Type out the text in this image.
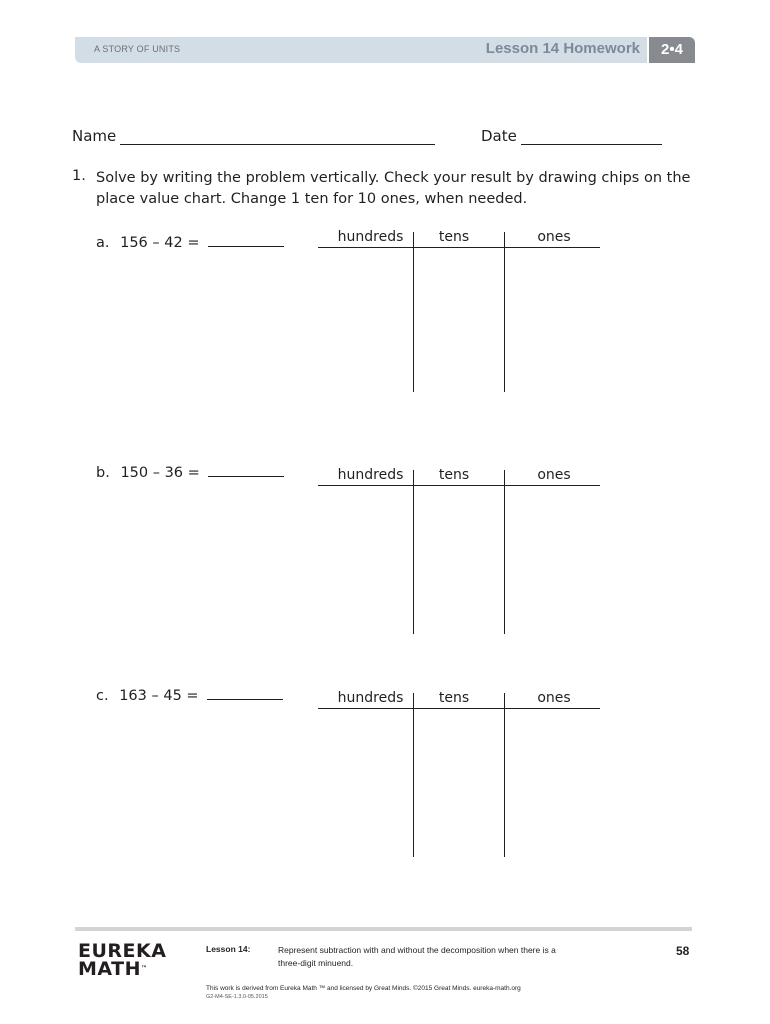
A STORY OF UNITS	Lesson 14 Homework	2•4
Name	Date
1. Solve by writing the problem vertically. Check your result by drawing chips on the place value chart. Change 1 ten for 10 ones, when needed.
a. 156 – 42 =	hundreds	tens	ones
b. 150 – 36 =	hundreds	tens	ones
c. 163 – 45 =	hundreds	tens	ones
EUREKA
MATH™
Lesson 14:	Represent subtraction with and without the decomposition when there is a three-digit minuend.
58
This work is derived from Eureka Math ™ and licensed by Great Minds. ©2015 Great Minds. eureka-math.org
G2-M4-SE-1.3.0-05.2015
